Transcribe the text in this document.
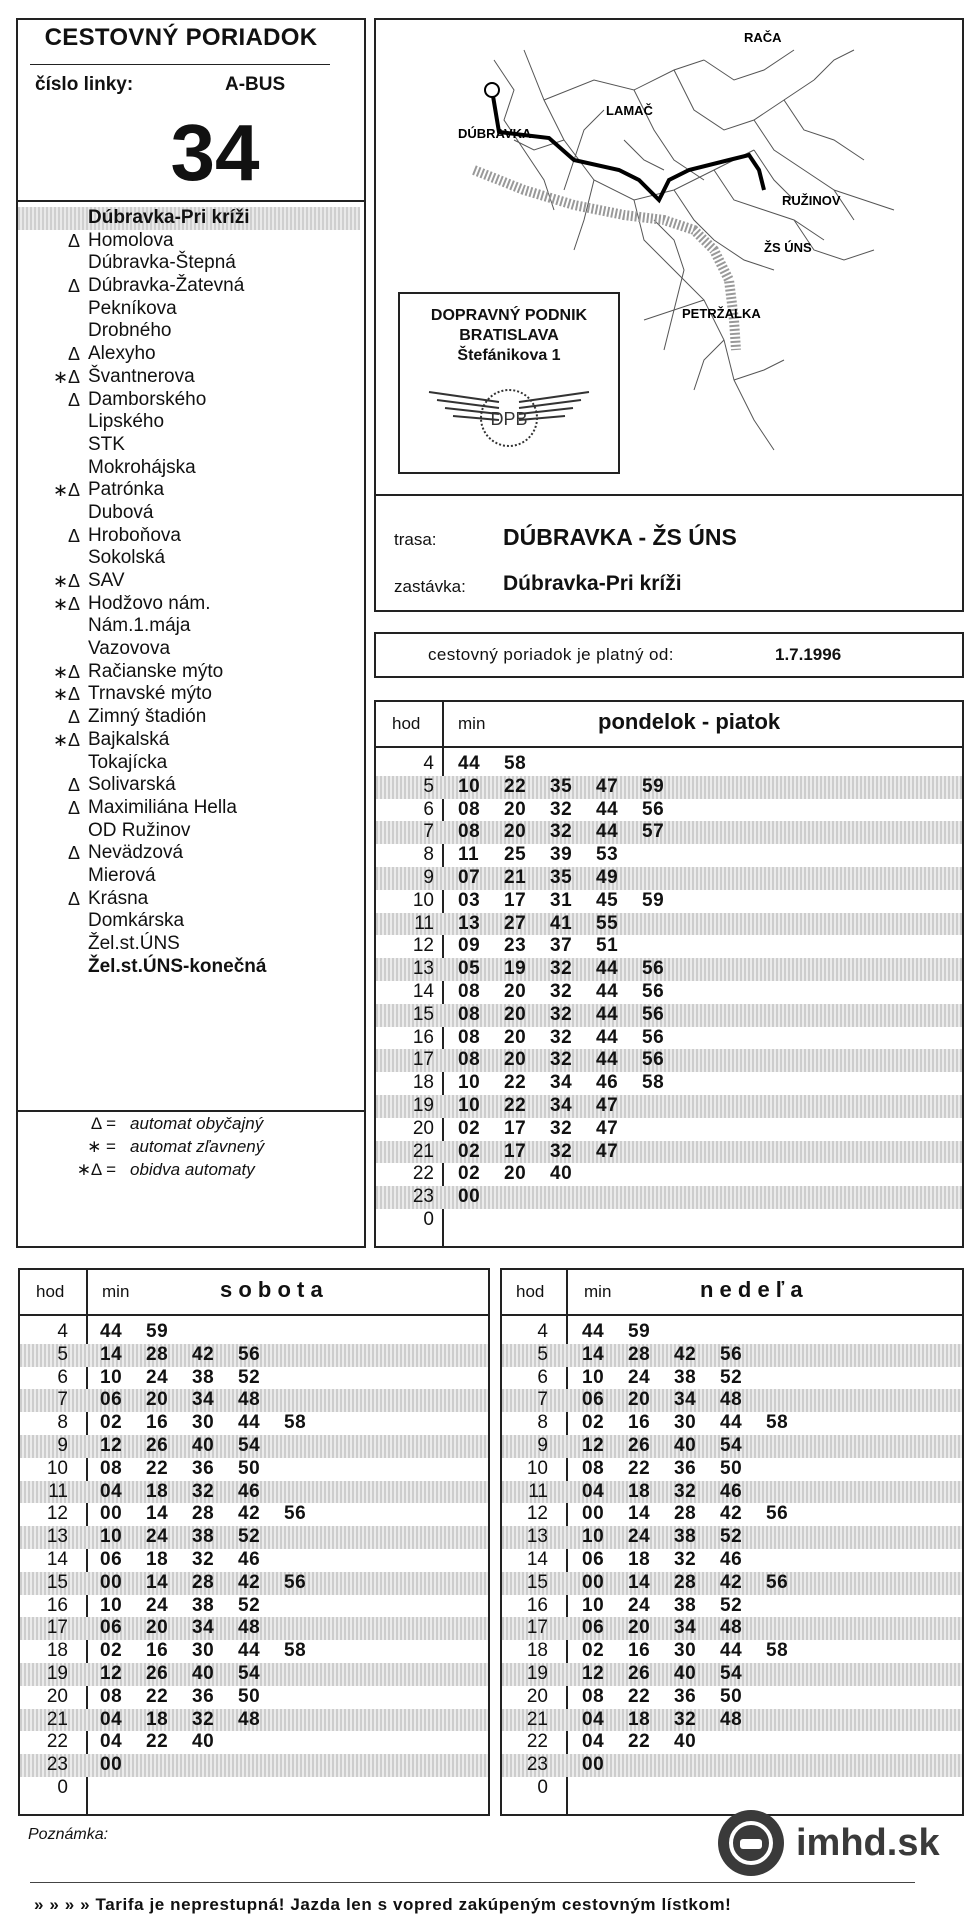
CESTOVNÝ PORIADOK
číslo linky:	A-BUS
34
Dúbravka-Pri kríži
Δ Homolova
Dúbravka-Štepná
Δ Dúbravka-Žatevná
Pekníkova
Drobného
Δ Alexyho
∗Δ Švantnerova
Δ Damborského
Lipského
STK
Mokrohájska
∗Δ Patrónka
Dubová
Δ Hroboňova
Sokolská
∗Δ SAV
∗Δ Hodžovo nám.
Nám.1.mája
Vazovova
∗Δ Račianske mýto
∗Δ Trnavské mýto
Δ Zimný štadión
∗Δ Bajkalská
Tokajícka
Δ Solivarská
Δ Maximiliána Hella
OD Ružinov
Δ Nevädzová
Mierová
Δ Krásna
Domkárska
Žel.st.ÚNS
Žel.st.ÚNS-konečná
Δ = automat obyčajný
∗ = automat zľavnený
∗Δ = obidva automaty
RAČA
LAMAČ
DÚBRAVKA
RUŽINOV
ŽS ÚNS
PETRŽALKA
DOPRAVNÝ PODNIK
BRATISLAVA
Štefánikova 1
DPB
trasa:	DÚBRAVKA - ŽS ÚNS
zastávka: Dúbravka-Pri kríži
cestovný poriadok je platný od:	1.7.1996
hod min	pondelok - piatok
4 44 58
5 10 22 35 47 59
6 08 20 32 44 56
7 08 20 32 44 57
8 11 25 39 53
9 07 21 35 49
10 03 17 31 45 59
11 13 27 41 55
12 09 23 37 51
13 05 19 32 44 56
14 08 20 32 44 56
15 08 20 32 44 56
16 08 20 32 44 56
17 08 20 32 44 56
18 10 22 34 46 58
19 10 22 34 47
20 02 17 32 47
21 02 17 32 47
22 02 20 40
23 00
0
hod min	s o b o t a
4 44 59
5 14 28 42 56
6 10 24 38 52
7 06 20 34 48
8 02 16 30 44 58
9 12 26 40 54
10 08 22 36 50
11 04 18 32 46
12 00 14 28 42 56
13 10 24 38 52
14 06 18 32 46
15 00 14 28 42 56
16 10 24 38 52
17 06 20 34 48
18 02 16 30 44 58
19 12 26 40 54
20 08 22 36 50
21 04 18 32 48
22 04 22 40
23 00
0
hod min	n e d e ľ a
4 44 59
5 14 28 42 56
6 10 24 38 52
7 06 20 34 48
8 02 16 30 44 58
9 12 26 40 54
10 08 22 36 50
11 04 18 32 46
12 00 14 28 42 56
13 10 24 38 52
14 06 18 32 46
15 00 14 28 42 56
16 10 24 38 52
17 06 20 34 48
18 02 16 30 44 58
19 12 26 40 54
20 08 22 36 50
21 04 18 32 48
22 04 22 40
23 00
0
Poznámka:	imhd.sk
» » » » Tarifa je neprestupná! Jazda len s vopred zakúpeným cestovným lístkom!
